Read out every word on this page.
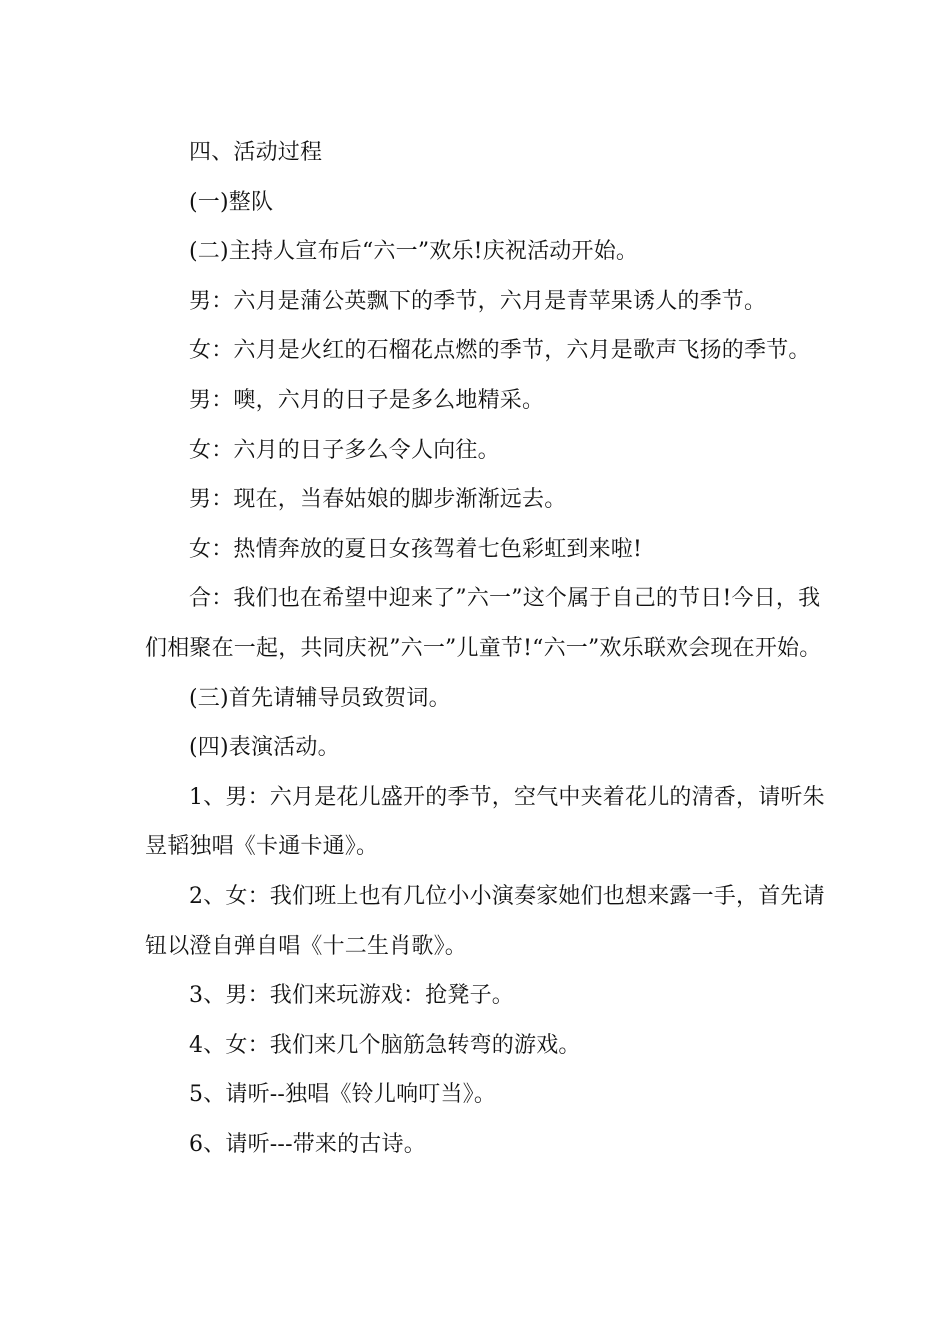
四、活动过程

(一)整队

(二)主持人宣布后“六一”欢乐!庆祝活动开始。

男：六月是蒲公英飘下的季节，六月是青苹果诱人的季节。

女：六月是火红的石榴花点燃的季节，六月是歌声飞扬的季节。

男：噢，六月的日子是多么地精采。

女：六月的日子多么令人向往。

男：现在，当春姑娘的脚步渐渐远去。

女：热情奔放的夏日女孩驾着七色彩虹到来啦!

合：我们也在希望中迎来了”六一”这个属于自己的节日!今日，我们相聚在一起，共同庆祝”六一”儿童节!“六一”欢乐联欢会现在开始。

(三)首先请辅导员致贺词。

(四)表演活动。

1、男：六月是花儿盛开的季节，空气中夹着花儿的清香，请听朱昱韬独唱《卡通卡通》。

2、女：我们班上也有几位小小演奏家她们也想来露一手，首先请钮以澄自弹自唱《十二生肖歌》。

3、男：我们来玩游戏：抢凳子。

4、女：我们来几个脑筋急转弯的游戏。

5、请听--独唱《铃儿响叮当》。

6、请听---带来的古诗。
